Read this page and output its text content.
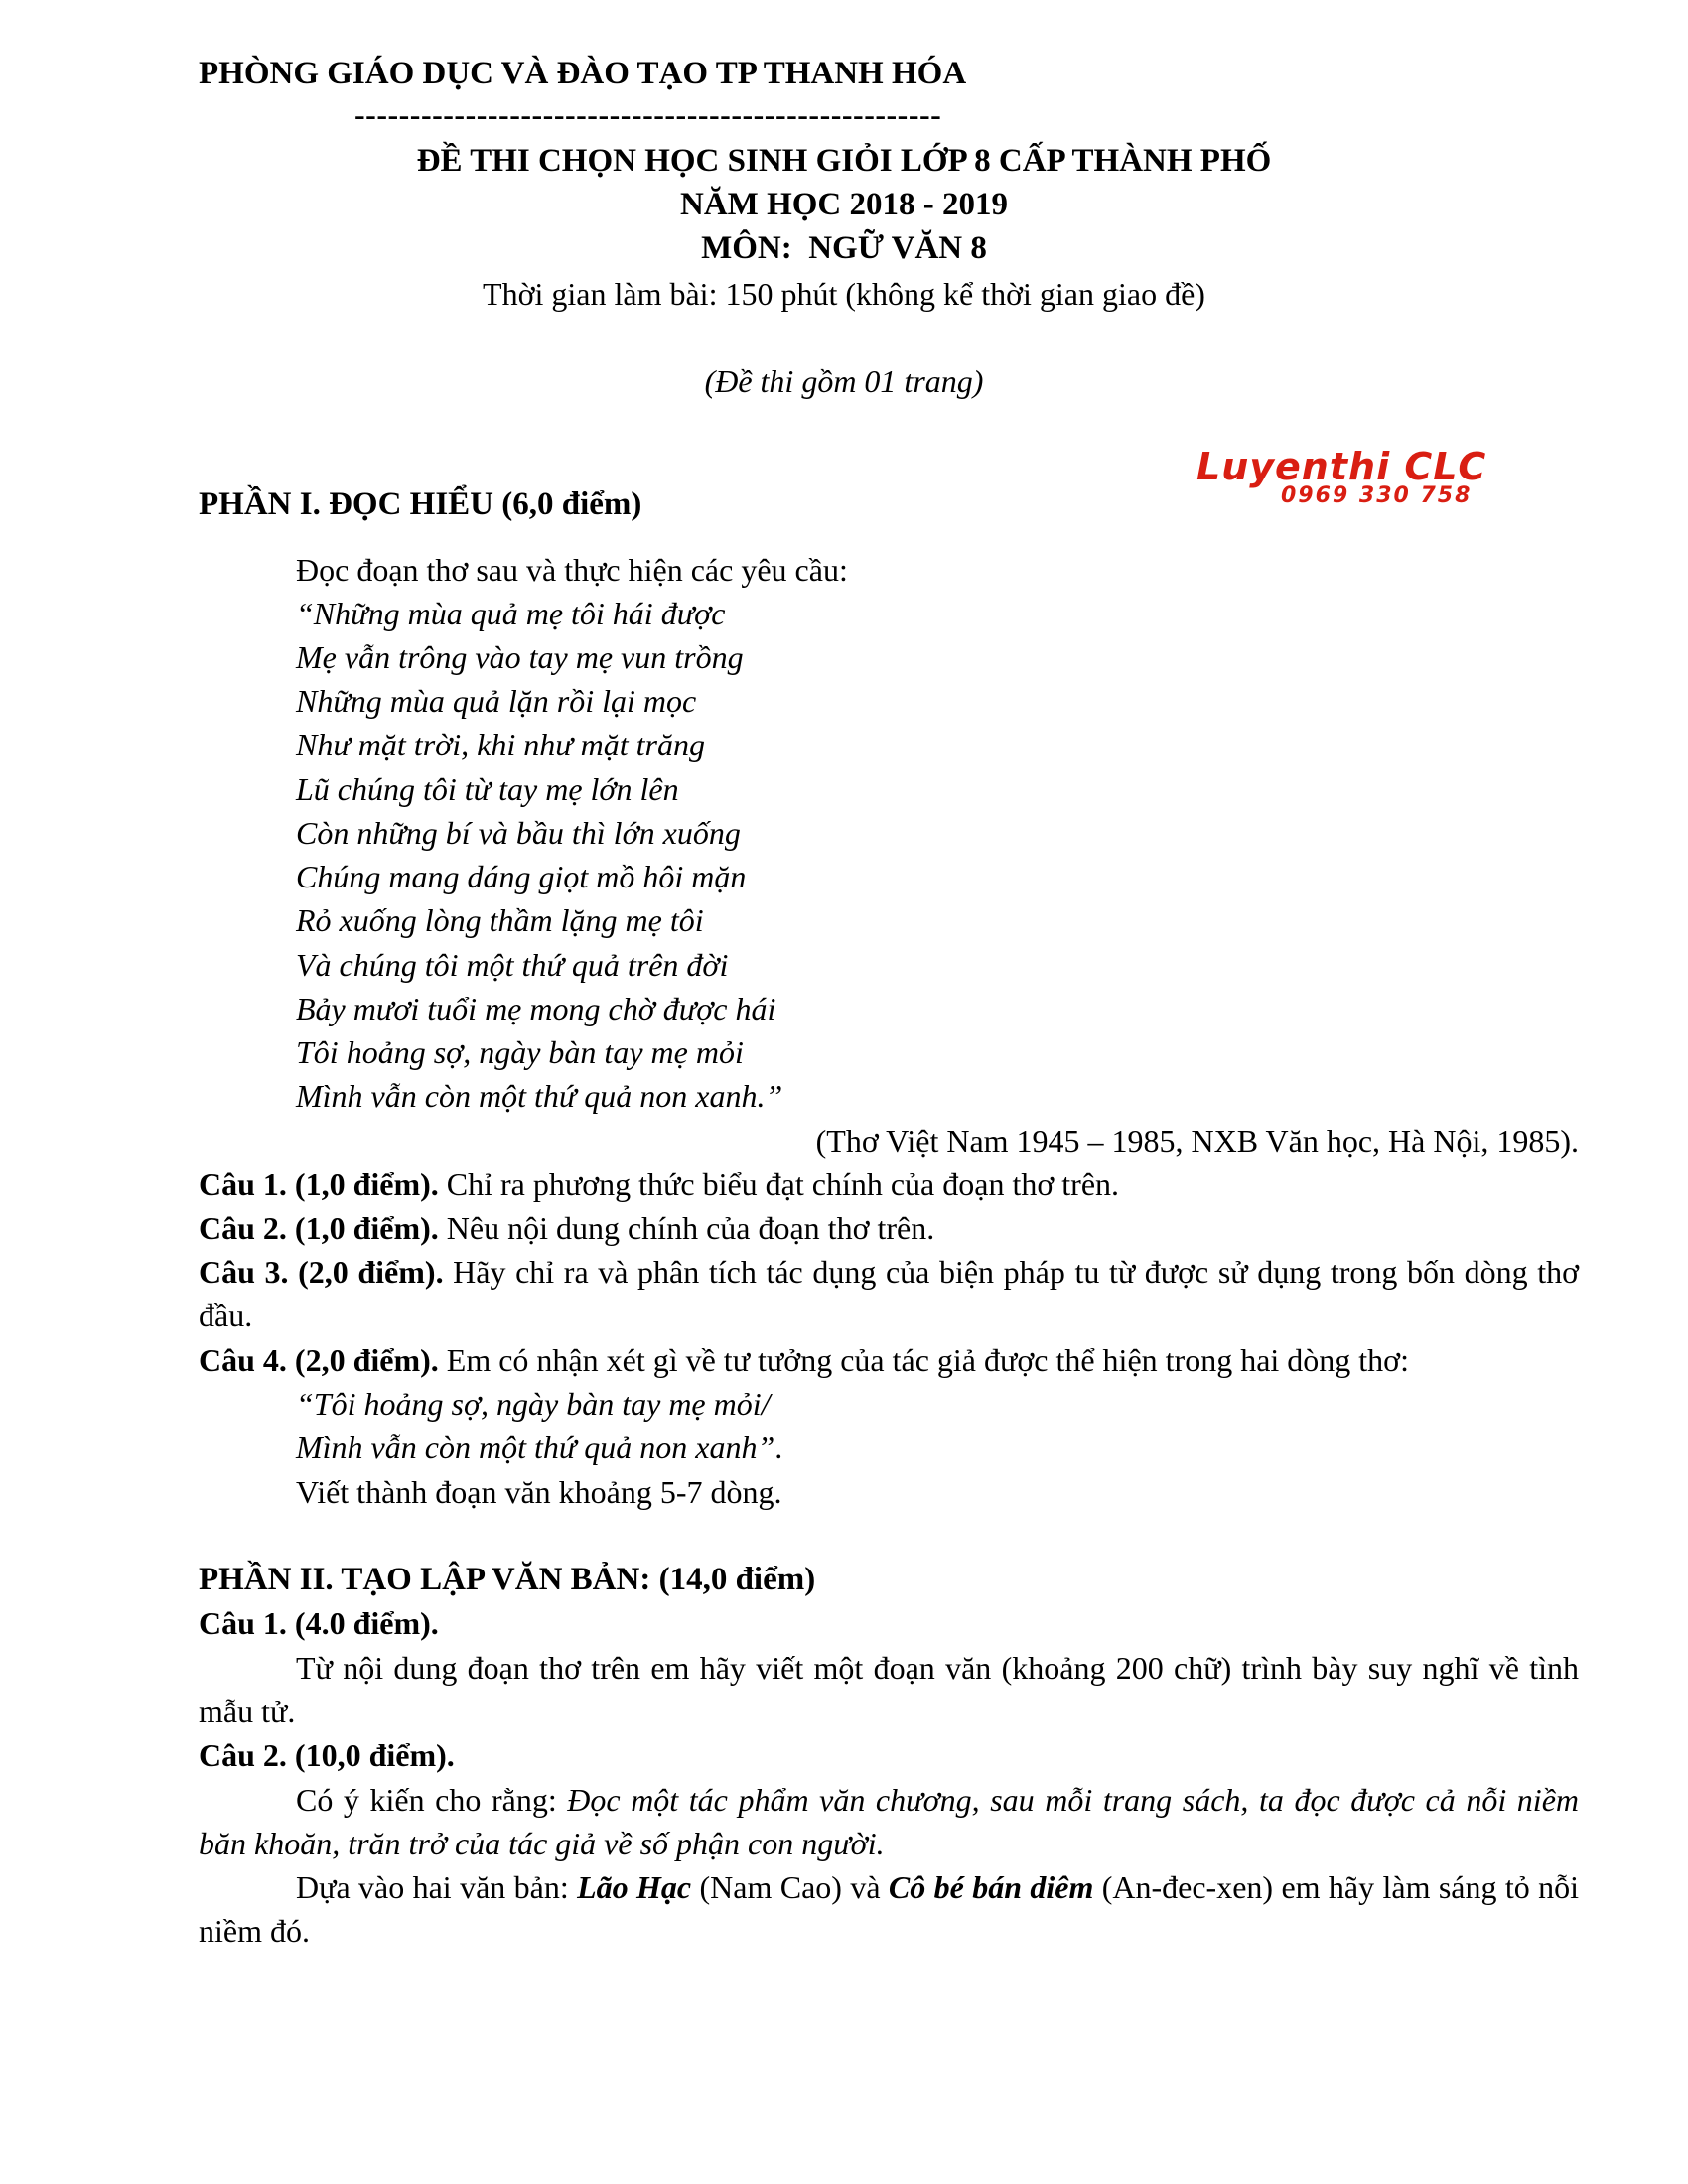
PHÒNG GIÁO DỤC VÀ ĐÀO TẠO TP THANH HÓA
-----------------------------------------------------
ĐỀ THI CHỌN HỌC SINH GIỎI LỚP 8 CẤP THÀNH PHỐ
NĂM HỌC 2018 - 2019
MÔN:  NGỮ VĂN 8
Thời gian làm bài: 150 phút (không kể thời gian giao đề)
(Đề thi gồm 01 trang)
Luyenthi CLC
0969 330 758
PHẦN I. ĐỌC HIỂU (6,0 điểm)
Đọc đoạn thơ sau và thực hiện các yêu cầu:
“Những mùa quả mẹ tôi hái được
Mẹ vẫn trông vào tay mẹ vun trồng
Những mùa quả lặn rồi lại mọc
Như mặt trời, khi như mặt trăng
Lũ chúng tôi từ tay mẹ lớn lên
Còn những bí và bầu thì lớn xuống
Chúng mang dáng giọt mồ hôi mặn
Rỏ xuống lòng thầm lặng mẹ tôi
Và chúng tôi một thứ quả trên đời
Bảy mươi tuổi mẹ mong chờ được hái
Tôi hoảng sợ, ngày bàn tay mẹ mỏi
Mình vẫn còn một thứ quả non xanh.”
(Thơ Việt Nam 1945 – 1985, NXB Văn học, Hà Nội, 1985).
Câu 1. (1,0 điểm). Chỉ ra phương thức biểu đạt chính của đoạn thơ trên.
Câu 2. (1,0 điểm). Nêu nội dung chính của đoạn thơ trên.
Câu 3. (2,0 điểm). Hãy chỉ ra và phân tích tác dụng của biện pháp tu từ được sử dụng trong bốn dòng thơ đầu.
Câu 4. (2,0 điểm). Em có nhận xét gì về tư tưởng của tác giả được thể hiện trong hai dòng thơ:
“Tôi hoảng sợ, ngày bàn tay mẹ mỏi/
Mình vẫn còn một thứ quả non xanh”.
Viết thành đoạn văn khoảng 5-7 dòng.
PHẦN II. TẠO LẬP VĂN BẢN: (14,0 điểm)
Câu 1. (4.0 điểm).
Từ nội dung đoạn thơ trên em hãy viết một đoạn văn (khoảng 200 chữ) trình bày suy nghĩ về tình mẫu tử.
Câu 2. (10,0 điểm).
Có ý kiến cho rằng: Đọc một tác phẩm văn chương, sau mỗi trang sách, ta đọc được cả nỗi niềm băn khoăn, trăn trở của tác giả về số phận con người.
Dựa vào hai văn bản: Lão Hạc (Nam Cao) và Cô bé bán diêm (An-đec-xen) em hãy làm sáng tỏ nỗi niềm đó.
